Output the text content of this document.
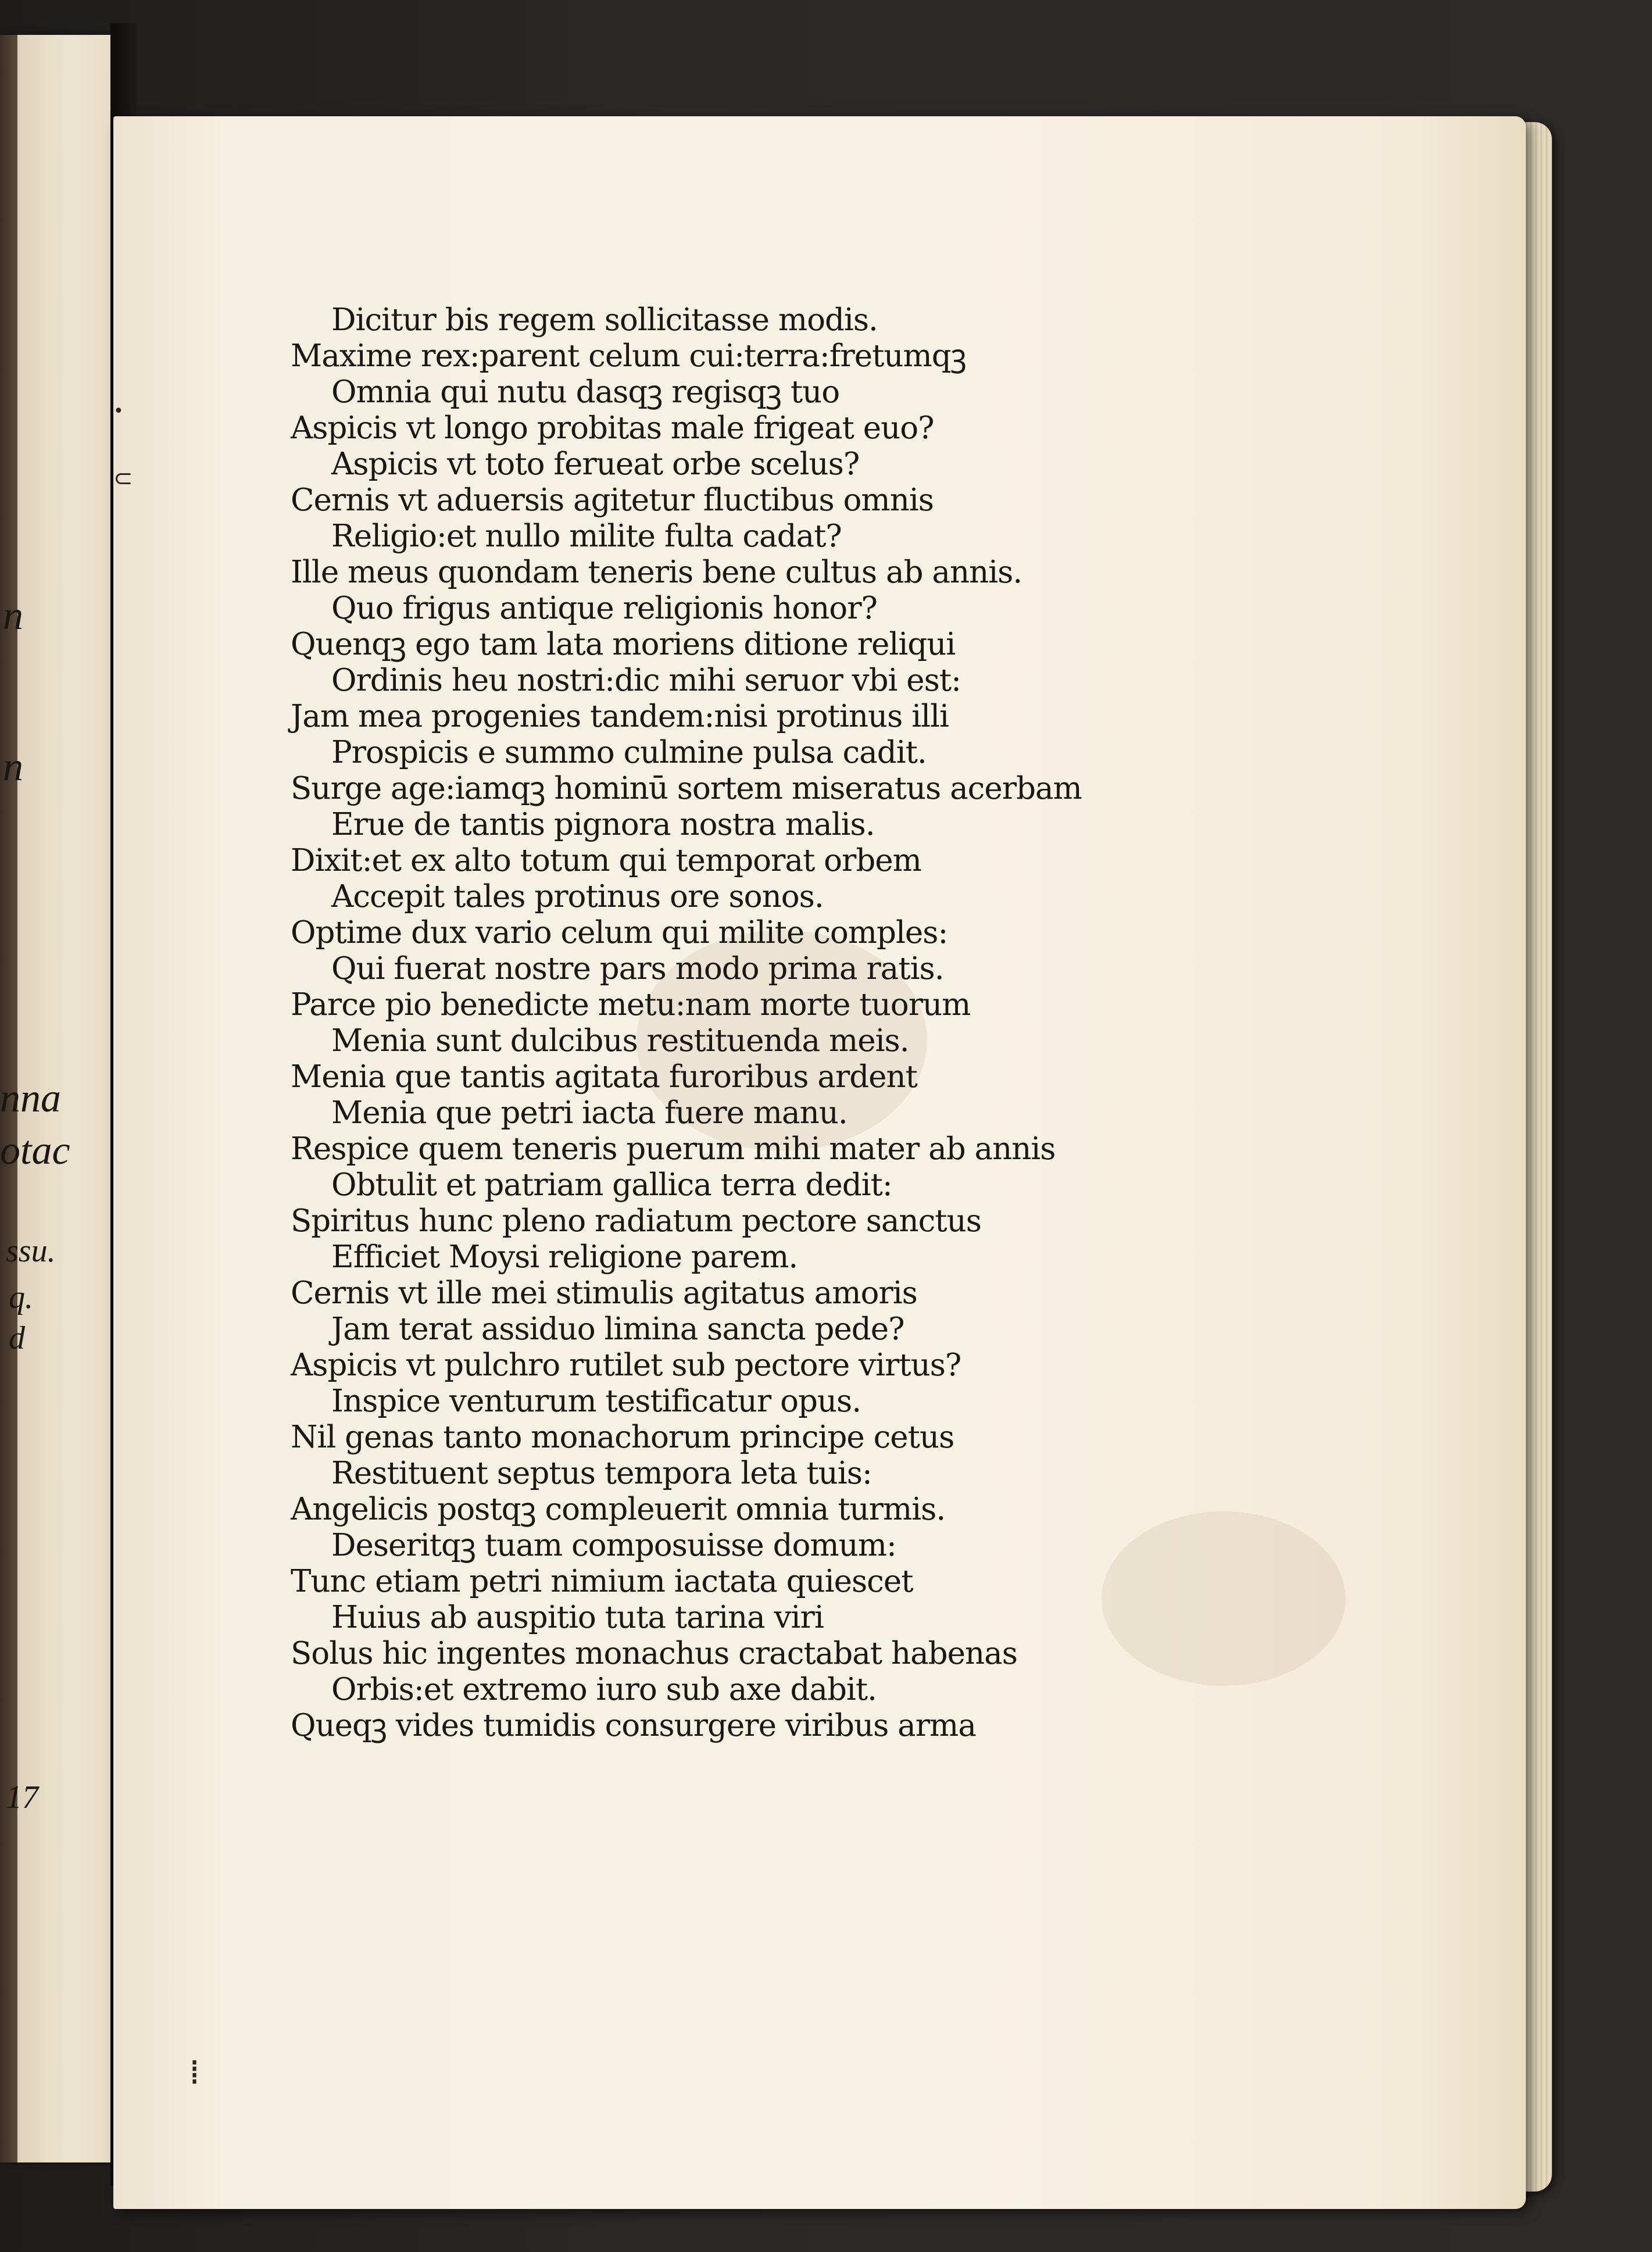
n
n
nna
otac
ssu.
q.
d
17
•
⊂
⁞
Dicitur bis regem sollicitasse modis.
Maxime rex:parent celum cui:terra:fretumqꝫ
Omnia qui nutu dasqꝫ regisqꝫ tuo
Aspicis vt longo probitas male frigeat euo?
Aspicis vt toto ferueat orbe scelus?
Cernis vt aduersis agitetur fluctibus omnis
Religio:et nullo milite fulta cadat?
Ille meus quondam teneris bene cultus ab annis.
Quo frigus antique religionis honor?
Quenqꝫ ego tam lata moriens ditione reliqui
Ordinis heu nostri:dic mihi seruor vbi est:
Jam mea progenies tandem:nisi protinus illi
Prospicis e summo culmine pulsa cadit.
Surge age:iamqꝫ hominū sortem miseratus acerbam
Erue de tantis pignora nostra malis.
Dixit:et ex alto totum qui temporat orbem
Accepit tales protinus ore sonos.
Optime dux vario celum qui milite comples:
Qui fuerat nostre pars modo prima ratis.
Parce pio benedicte metu:nam morte tuorum
Menia sunt dulcibus restituenda meis.
Menia que tantis agitata furoribus ardent
Menia que petri iacta fuere manu.
Respice quem teneris puerum mihi mater ab annis
Obtulit et patriam gallica terra dedit:
Spiritus hunc pleno radiatum pectore sanctus
Efficiet Moysi religione parem.
Cernis vt ille mei stimulis agitatus amoris
Jam terat assiduo limina sancta pede?
Aspicis vt pulchro rutilet sub pectore virtus?
Inspice venturum testificatur opus.
Nil genas tanto monachorum principe cetus
Restituent septus tempora leta tuis:
Angelicis postqꝫ compleuerit omnia turmis.
Deseritqꝫ tuam composuisse domum:
Tunc etiam petri nimium iactata quiescet
Huius ab auspitio tuta tarina viri
Solus hic ingentes monachus cractabat habenas
Orbis:et extremo iuro sub axe dabit.
Queqꝫ vides tumidis consurgere viribus arma
